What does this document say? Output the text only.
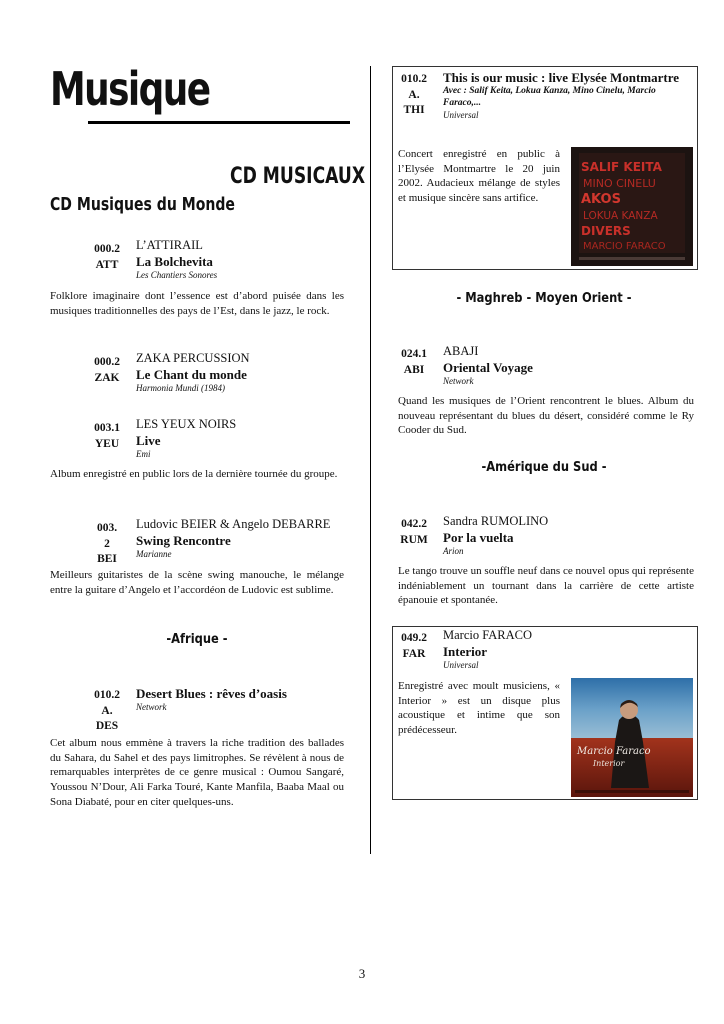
Musique
CD MUSICAUX
CD Musiques du Monde
000.2
ATT
L’ATTIRAIL
La Bolchevita
Les Chantiers Sonores
Folklore imaginaire dont l’essence est d’abord puisée dans les musiques traditionnelles des pays de l’Est, dans le jazz, le rock.
000.2
ZAK
ZAKA PERCUSSION
Le Chant du monde
Harmonia Mundi (1984)
003.1
YEU
LES YEUX NOIRS
Live
Emi
Album enregistré en public lors de la dernière tournée du groupe.
003.
2
BEI
Ludovic BEIER & Angelo DEBARRE
Swing Rencontre
Marianne
Meilleurs guitaristes de la scène swing manouche, le mélange entre la guitare d’Angelo et l’accordéon de Ludovic est sublime.
-Afrique -
010.2
A.
DES
Desert Blues : rêves d’oasis
Network
Cet album nous emmène à travers la riche tradition des ballades du Sahara, du Sahel et des pays limitrophes. Se révèlent à nous de remarquables interprètes de ce genre musical : Oumou Sangaré, Youssou N’Dour, Ali Farka Touré, Kante Manfila, Baaba Maal ou Sona Diabaté, pour en citer quelques-uns.
010.2
A.
THI
This is our music : live Elysée Montmartre
Avec : Salif Keita, Lokua Kanza, Mino Cinelu, Marcio Faraco,...
Universal
Concert enregistré en public à l’Elysée Montmartre le 20 juin 2002. Audacieux mélange de styles et musique sincère sans artifice.
SALIF KEITA
MINO CINELU
AKOS
LOKUA KANZA
DIVERS
MARCIO FARACO
- Maghreb - Moyen Orient -
024.1
ABI
ABAJI
Oriental Voyage
Network
Quand les musiques de l’Orient rencontrent le blues. Album du nouveau représentant du blues du désert, considéré comme le Ry Cooder du Sud.
-Amérique du Sud -
042.2
RUM
Sandra RUMOLINO
Por la vuelta
Arion
Le tango trouve un souffle neuf dans ce nouvel opus qui représente indéniablement un tournant dans la carrière de cette artiste épanouie et spontanée.
049.2
FAR
Marcio FARACO
Interior
Universal
Enregistré avec moult musiciens, « Interior » est un disque plus acoustique et intime que son prédécesseur.
Marcio Faraco
Interior
3
